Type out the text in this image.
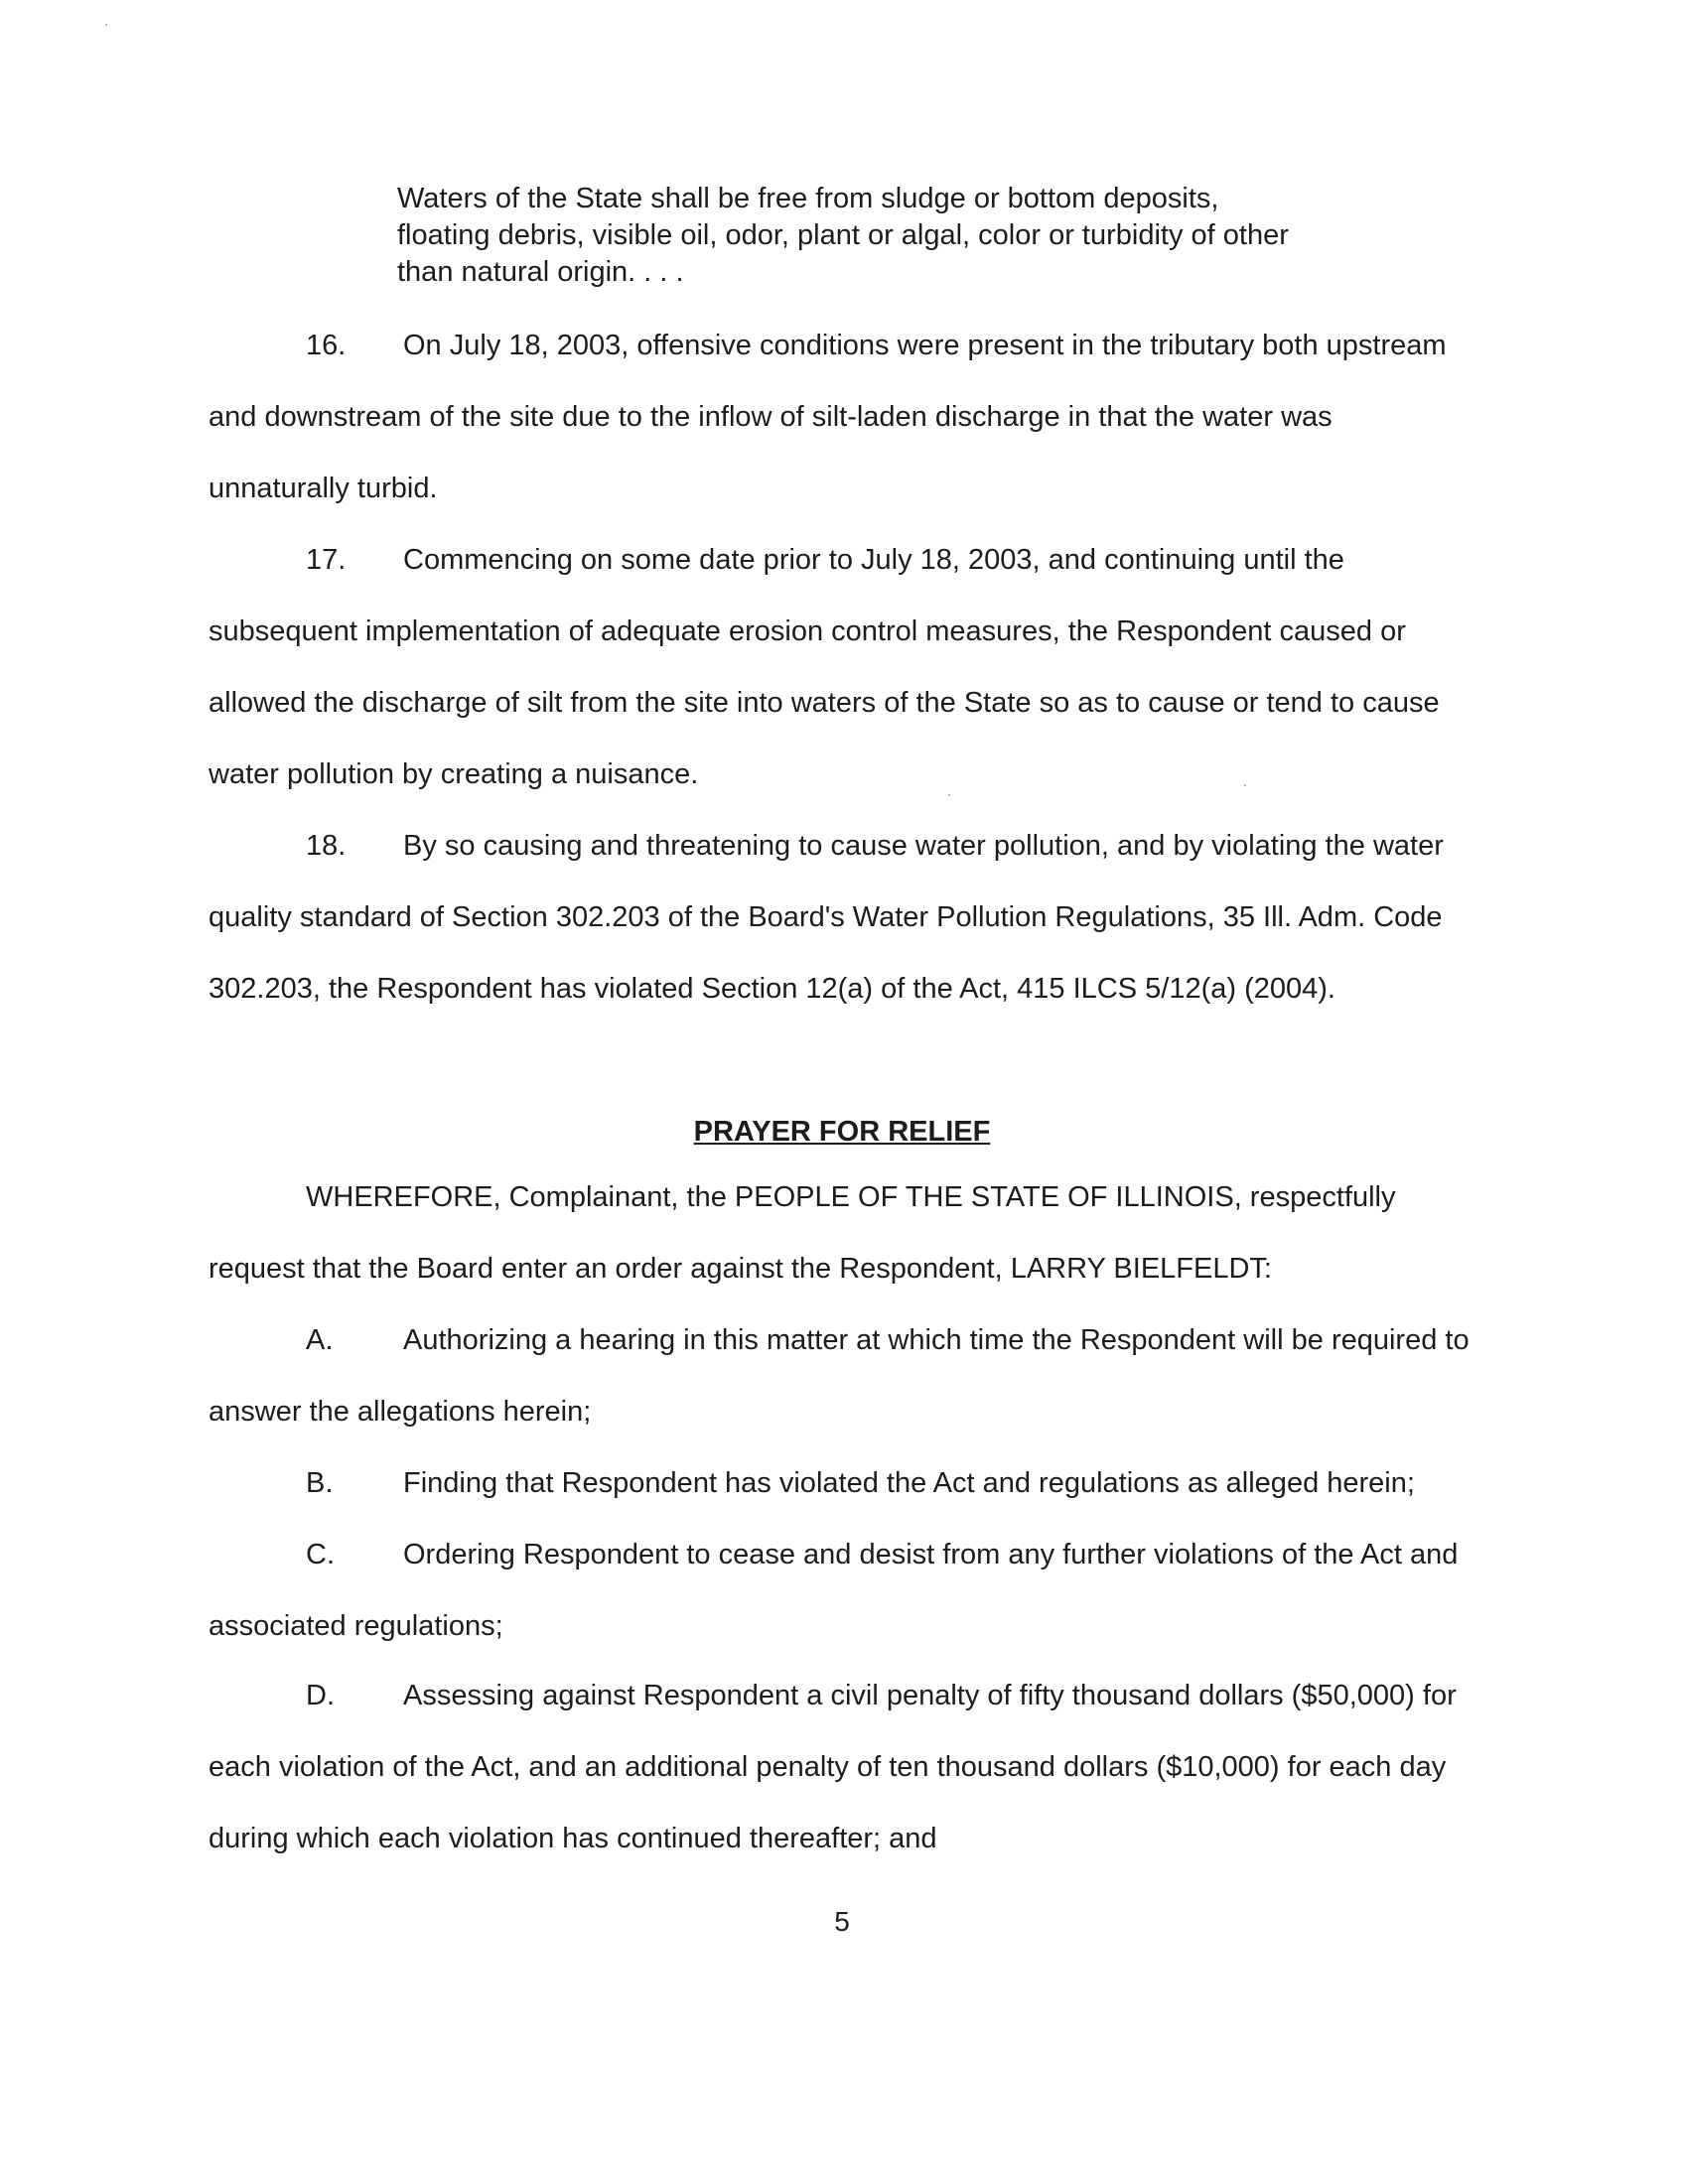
Waters of the State shall be free from sludge or bottom deposits, floating debris, visible oil, odor, plant or algal, color or turbidity of other than natural origin. . . .
16. On July 18, 2003, offensive conditions were present in the tributary both upstream and downstream of the site due to the inflow of silt-laden discharge in that the water was unnaturally turbid.
17. Commencing on some date prior to July 18, 2003, and continuing until the subsequent implementation of adequate erosion control measures, the Respondent caused or allowed the discharge of silt from the site into waters of the State so as to cause or tend to cause water pollution by creating a nuisance.
18. By so causing and threatening to cause water pollution, and by violating the water quality standard of Section 302.203 of the Board's Water Pollution Regulations, 35 Ill. Adm. Code 302.203, the Respondent has violated Section 12(a) of the Act, 415 ILCS 5/12(a) (2004).
PRAYER FOR RELIEF
WHEREFORE, Complainant, the PEOPLE OF THE STATE OF ILLINOIS, respectfully request that the Board enter an order against the Respondent, LARRY BIELFELDT:
A. Authorizing a hearing in this matter at which time the Respondent will be required to answer the allegations herein;
B. Finding that Respondent has violated the Act and regulations as alleged herein;
C. Ordering Respondent to cease and desist from any further violations of the Act and associated regulations;
D. Assessing against Respondent a civil penalty of fifty thousand dollars ($50,000) for each violation of the Act, and an additional penalty of ten thousand dollars ($10,000) for each day during which each violation has continued thereafter; and
5
